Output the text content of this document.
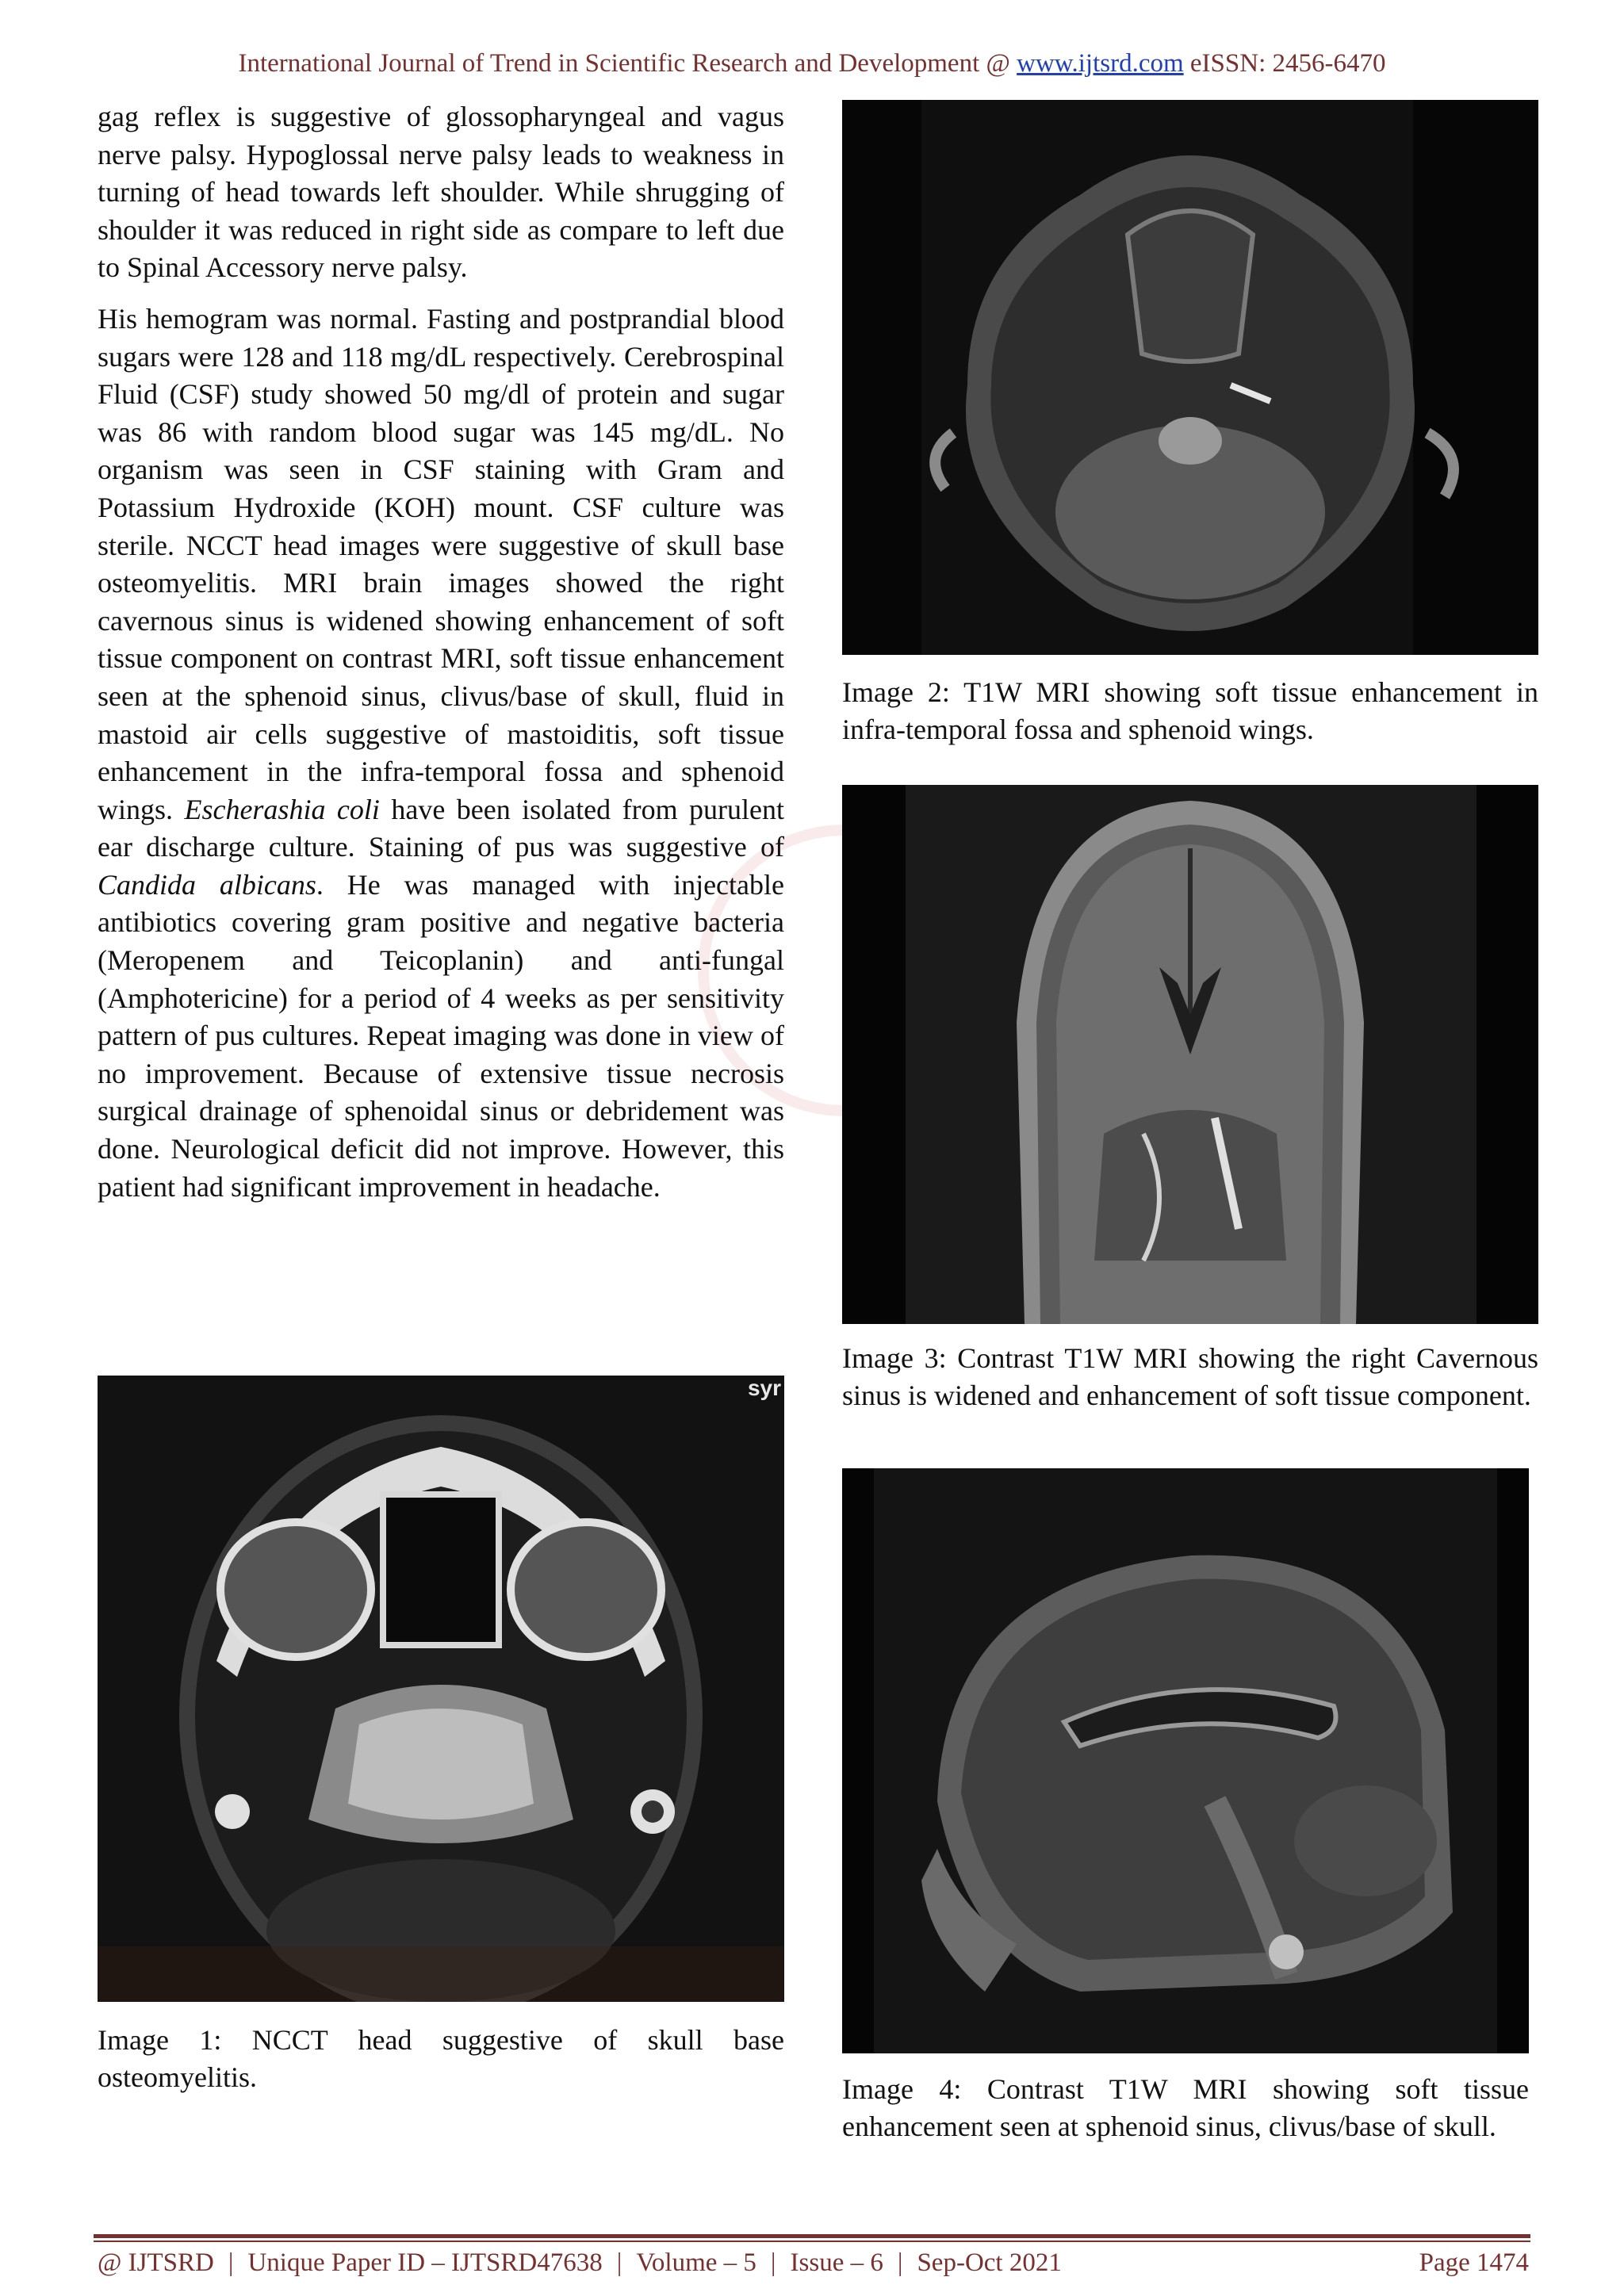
International Journal of Trend in Scientific Research and Development @ www.ijtsrd.com eISSN: 2456-6470

gag reflex is suggestive of glossopharyngeal and vagus nerve palsy. Hypoglossal nerve palsy leads to weakness in turning of head towards left shoulder. While shrugging of shoulder it was reduced in right side as compare to left due to Spinal Accessory nerve palsy.

His hemogram was normal. Fasting and postprandial blood sugars were 128 and 118 mg/dL respectively. Cerebrospinal Fluid (CSF) study showed 50 mg/dl of protein and sugar was 86 with random blood sugar was 145 mg/dL. No organism was seen in CSF staining with Gram and Potassium Hydroxide (KOH) mount. CSF culture was sterile. NCCT head images were suggestive of skull base osteomyelitis. MRI brain images showed the right cavernous sinus is widened showing enhancement of soft tissue component on contrast MRI, soft tissue enhancement seen at the sphenoid sinus, clivus/base of skull, fluid in mastoid air cells suggestive of mastoiditis, soft tissue enhancement in the infra-temporal fossa and sphenoid wings. Escherashia coli have been isolated from purulent ear discharge culture. Staining of pus was suggestive of Candida albicans. He was managed with injectable antibiotics covering gram positive and negative bacteria (Meropenem and Teicoplanin) and anti-fungal (Amphotericine) for a period of 4 weeks as per sensitivity pattern of pus cultures. Repeat imaging was done in view of no improvement. Because of extensive tissue necrosis surgical drainage of sphenoidal sinus or debridement was done. Neurological deficit did not improve. However, this patient had significant improvement in headache.

syr
Image 1: NCCT head suggestive of skull base osteomyelitis.
Image 2: T1W MRI showing soft tissue enhancement in infra-temporal fossa and sphenoid wings.
Image 3: Contrast T1W MRI showing the right Cavernous sinus is widened and enhancement of soft tissue component.
Image 4: Contrast T1W MRI showing soft tissue enhancement seen at sphenoid sinus, clivus/base of skull.
@ IJTSRD | Unique Paper ID – IJTSRD47638 | Volume – 5 | Issue – 6 | Sep-Oct 2021	Page 1474
